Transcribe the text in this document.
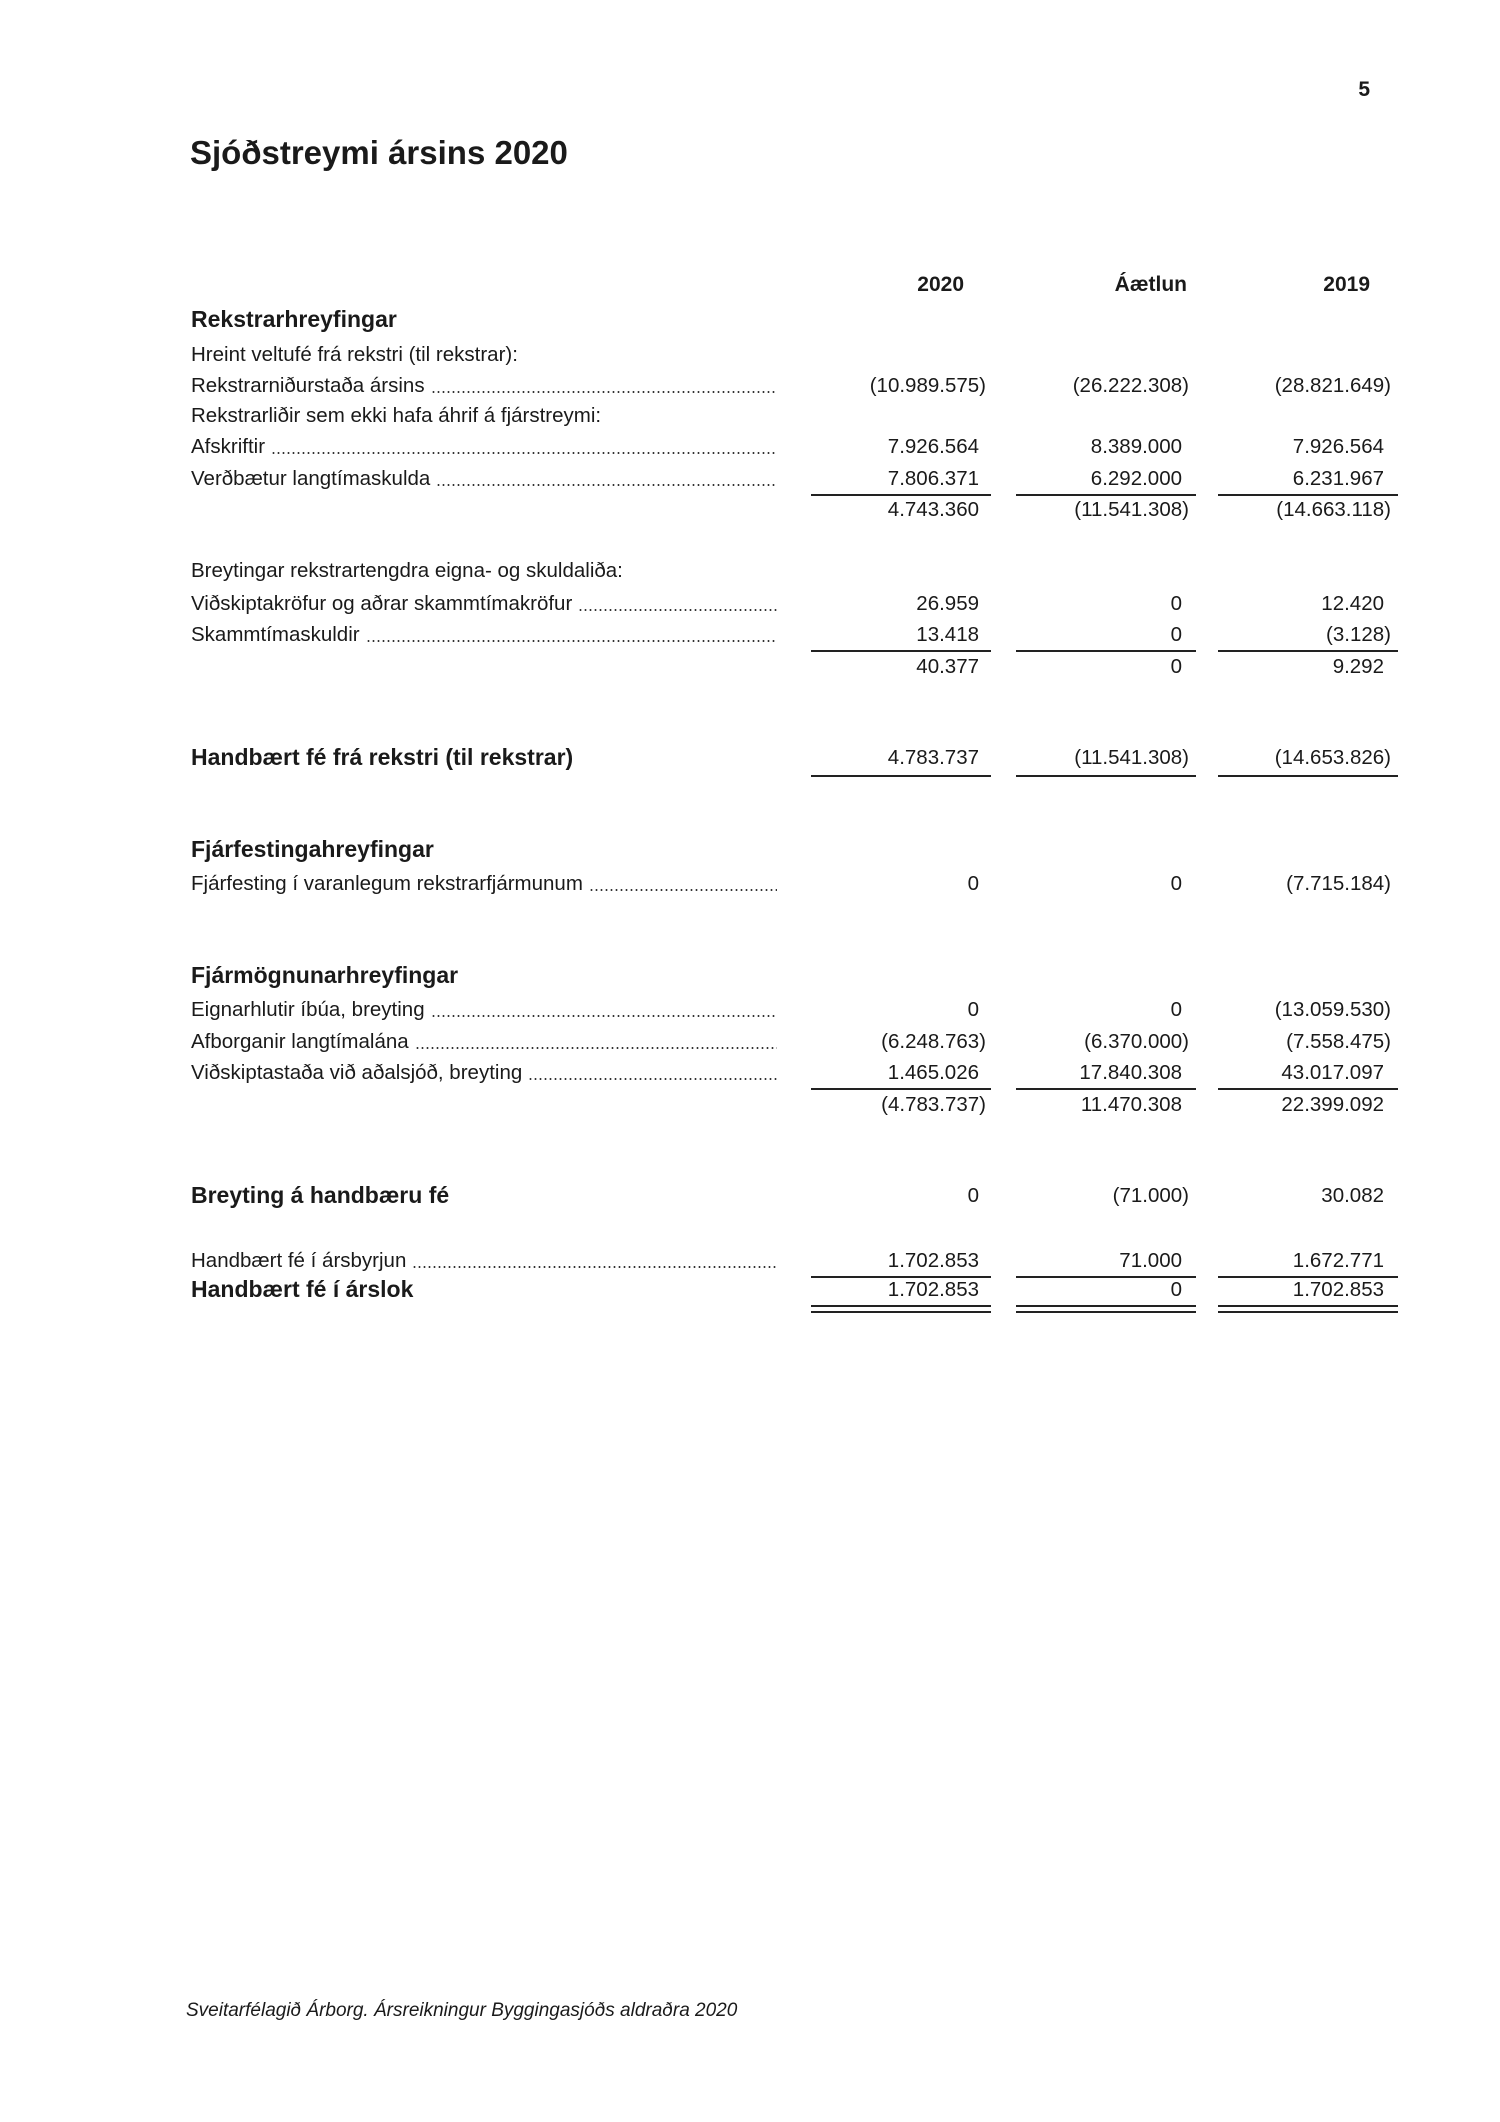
5
Sjóðstreymi ársins 2020
2020	Áætlun	2019
Rekstrarhreyfingar
Hreint veltufé frá rekstri (til rekstrar):
Rekstrarniðurstaða ársins	(10.989.575)	(26.222.308)	(28.821.649)
Rekstrarliðir sem ekki hafa áhrif á fjárstreymi:
Afskriftir	7.926.564	8.389.000	7.926.564
Verðbætur langtímaskulda	7.806.371	6.292.000	6.231.967
4.743.360	(11.541.308)	(14.663.118)
Breytingar rekstrartengdra eigna- og skuldaliða:
Viðskiptakröfur og aðrar skammtímakröfur	26.959	0	12.420
Skammtímaskuldir	13.418	0	(3.128)
40.377	0	9.292
Handbært fé frá rekstri (til rekstrar)	4.783.737	(11.541.308)	(14.653.826)
Fjárfestingahreyfingar
Fjárfesting í varanlegum rekstrarfjármunum	0	0	(7.715.184)
Fjármögnunarhreyfingar
Eignarhlutir íbúa, breyting	0	0	(13.059.530)
Afborganir langtímalána	(6.248.763)	(6.370.000)	(7.558.475)
Viðskiptastaða við aðalsjóð, breyting	1.465.026	17.840.308	43.017.097
(4.783.737)	11.470.308	22.399.092
Breyting á handbæru fé	0	(71.000)	30.082
Handbært fé í ársbyrjun	1.702.853	71.000	1.672.771
Handbært fé í árslok	1.702.853	0	1.702.853
Sveitarfélagið Árborg. Ársreikningur Byggingasjóðs aldraðra 2020
